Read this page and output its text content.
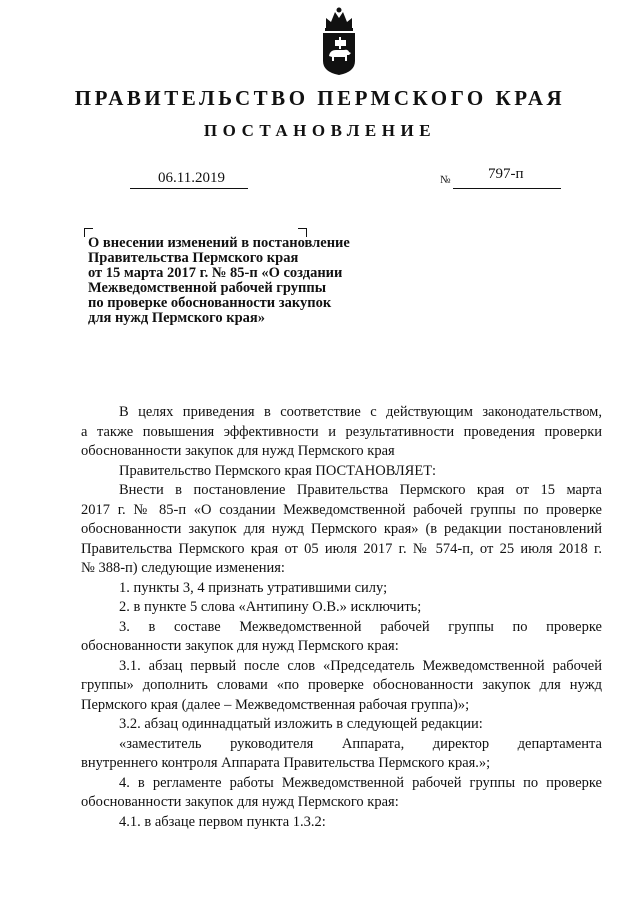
ПРАВИТЕЛЬСТВО ПЕРМСКОГО КРАЯ
ПОСТАНОВЛЕНИЕ
06.11.2019	№	797-п
О внесении изменений в постановление
Правительства Пермского края
от 15 марта 2017 г. № 85-п «О создании
Межведомственной рабочей группы
по проверке обоснованности закупок
для нужд Пермского края»
В целях приведения в соответствие с действующим законодательством,
а также повышения эффективности и результативности проведения проверки
обоснованности закупок для нужд Пермского края
Правительство Пермского края ПОСТАНОВЛЯЕТ:
Внести в постановление Правительства Пермского края от 15 марта
2017 г. № 85-п «О создании Межведомственной рабочей группы по проверке
обоснованности закупок для нужд Пермского края» (в редакции постановлений
Правительства Пермского края от 05 июля 2017 г. № 574-п, от 25 июля 2018 г.
№ 388-п) следующие изменения:
1. пункты 3, 4 признать утратившими силу;
2. в пункте 5 слова «Антипину О.В.» исключить;
3. в составе Межведомственной рабочей группы по проверке
обоснованности закупок для нужд Пермского края:
3.1. абзац первый после слов «Председатель Межведомственной рабочей
группы» дополнить словами «по проверке обоснованности закупок для нужд
Пермского края (далее – Межведомственная рабочая группа)»;
3.2. абзац одиннадцатый изложить в следующей редакции:
«заместитель руководителя Аппарата, директор департамента
внутреннего контроля Аппарата Правительства Пермского края.»;
4. в регламенте работы Межведомственной рабочей группы по проверке
обоснованности закупок для нужд Пермского края:
4.1. в абзаце первом пункта 1.3.2:
